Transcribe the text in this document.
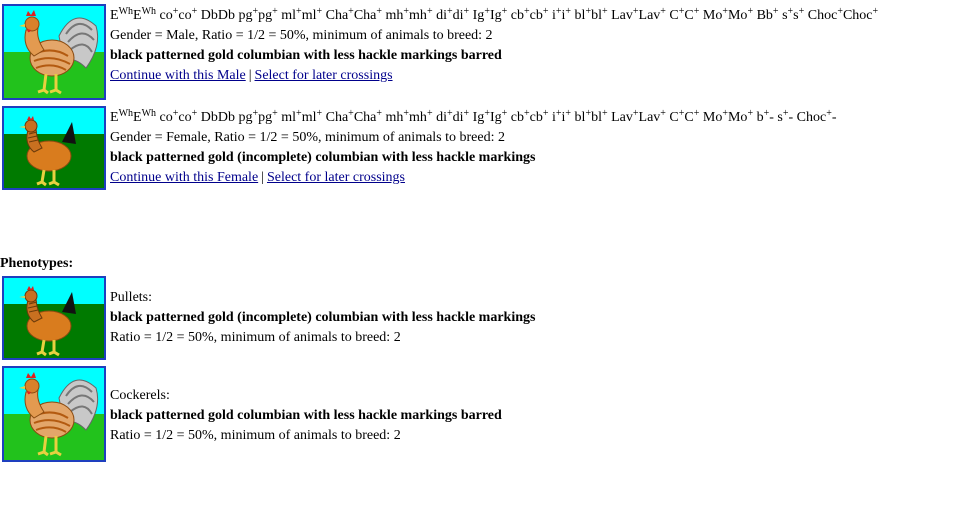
$E^{Wh}E^{Wh}$ co+co+ DbDb pg+pg+ ml+ml+ Cha+Cha+ mh+mh+ di+di+ Ig+Ig+ cb+cb+ i+i+ bl+bl+ Lav+Lav+ C+C+ Mo+Mo+ Bb+ s+s+ Choc+Choc+
Gender = Male, Ratio = 1/2 = 50%, minimum of animals to breed: 2
black patterned gold columbian with less hackle markings barred
Continue with this Male | Select for later crossings
$E^{Wh}E^{Wh}$ co+co+ DbDb pg+pg+ ml+ml+ Cha+Cha+ mh+mh+ di+di+ Ig+Ig+ cb+cb+ i+i+ bl+bl+ Lav+Lav+ C+C+ Mo+Mo+ b+- s+- Choc+-
Gender = Female, Ratio = 1/2 = 50%, minimum of animals to breed: 2
black patterned gold (incomplete) columbian with less hackle markings
Continue with this Female | Select for later crossings
Phenotypes:
Pullets:
black patterned gold (incomplete) columbian with less hackle markings
Ratio = 1/2 = 50%, minimum of animals to breed: 2
Cockerels:
black patterned gold columbian with less hackle markings barred
Ratio = 1/2 = 50%, minimum of animals to breed: 2
